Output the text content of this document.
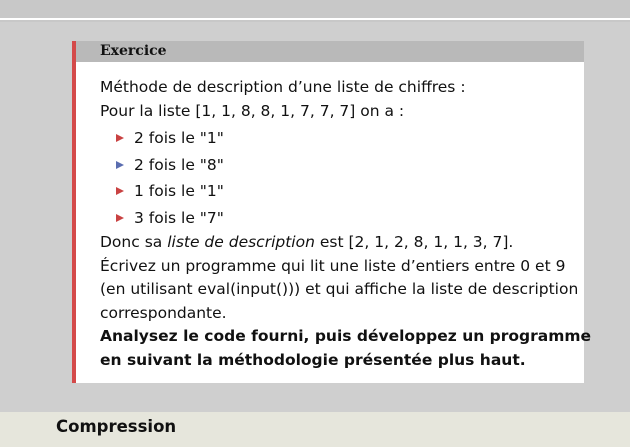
Exercice
Méthode de description d’une liste de chiffres :
Pour la liste [1, 1, 8, 8, 1, 7, 7, 7] on a :
2 fois le "1"
2 fois le "8"
1 fois le "1"
3 fois le "7"
Donc sa liste de description est [2, 1, 2, 8, 1, 1, 3, 7].
Écrivez un programme qui lit une liste d’entiers entre 0 et 9
(en utilisant eval(input())) et qui affiche la liste de description
correspondante.
Analysez le code fourni, puis développez un programme
en suivant la méthodologie présentée plus haut.
Compression
